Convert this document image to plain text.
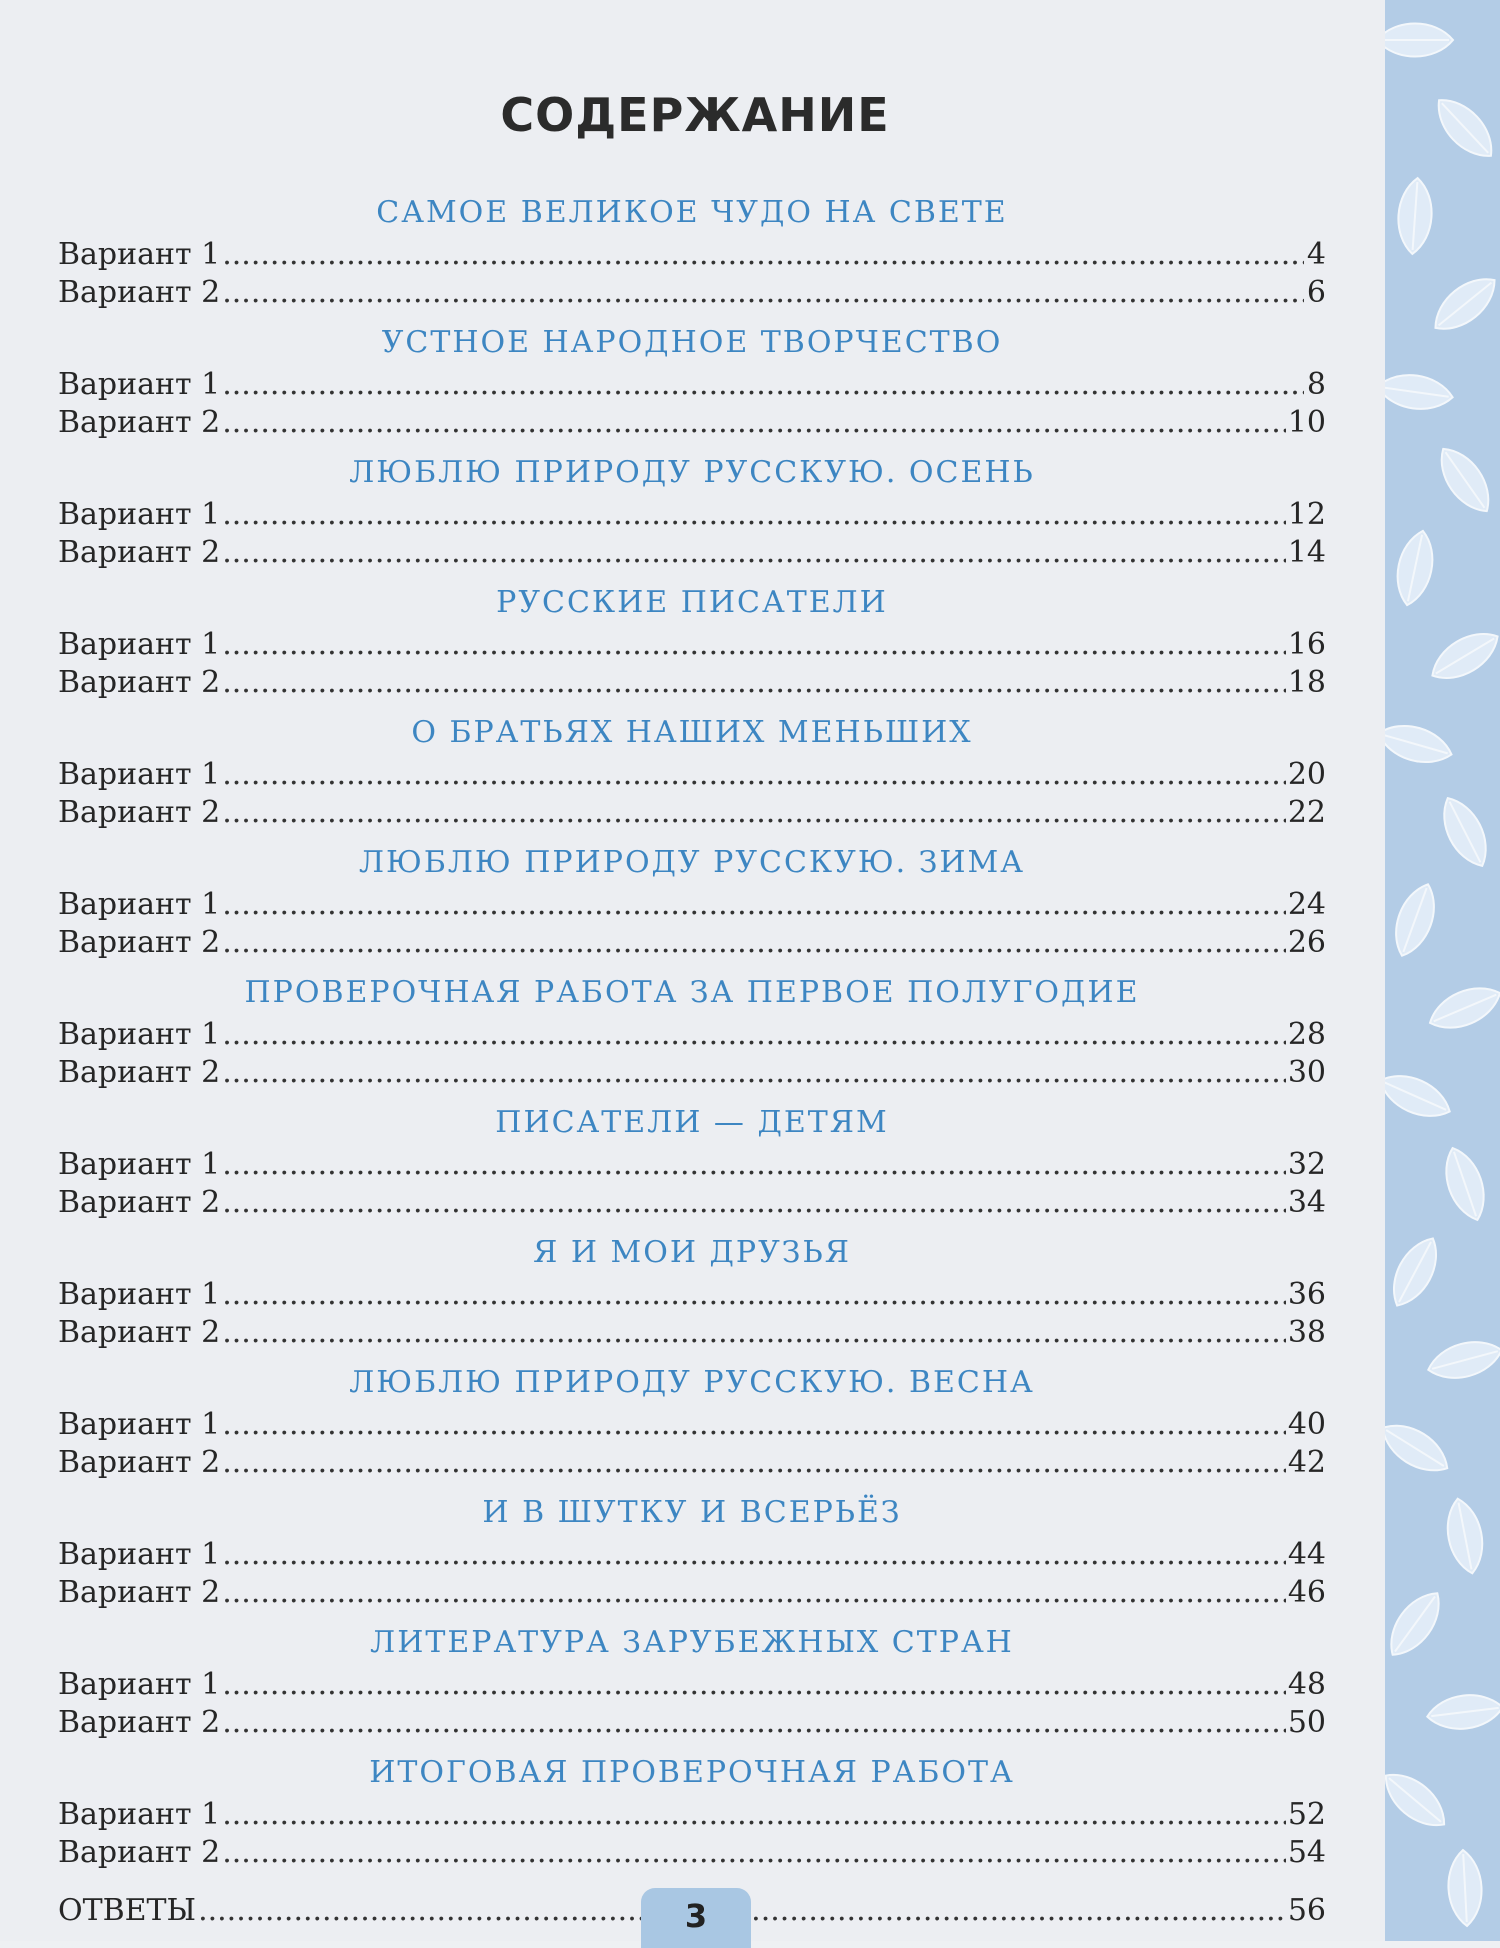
СОДЕРЖАНИЕ
САМОЕ ВЕЛИКОЕ ЧУДО НА СВЕТЕ
Вариант 1 .....	4
Вариант 2 .....	6
УСТНОЕ НАРОДНОЕ ТВОРЧЕСТВО
Вариант 1 .....	8
Вариант 2 .....	10
ЛЮБЛЮ ПРИРОДУ РУССКУЮ. ОСЕНЬ
Вариант 1 .....	12
Вариант 2 .....	14
РУССКИЕ ПИСАТЕЛИ
Вариант 1 .....	16
Вариант 2 .....	18
О БРАТЬЯХ НАШИХ МЕНЬШИХ
Вариант 1 .....	20
Вариант 2 .....	22
ЛЮБЛЮ ПРИРОДУ РУССКУЮ. ЗИМА
Вариант 1 .....	24
Вариант 2 .....	26
ПРОВЕРОЧНАЯ РАБОТА ЗА ПЕРВОЕ ПОЛУГОДИЕ
Вариант 1 .....	28
Вариант 2 .....	30
ПИСАТЕЛИ — ДЕТЯМ
Вариант 1 .....	32
Вариант 2 .....	34
Я И МОИ ДРУЗЬЯ
Вариант 1 .....	36
Вариант 2 .....	38
ЛЮБЛЮ ПРИРОДУ РУССКУЮ. ВЕСНА
Вариант 1 .....	40
Вариант 2 .....	42
И В ШУТКУ И ВСЕРЬЁЗ
Вариант 1 .....	44
Вариант 2 .....	46
ЛИТЕРАТУРА ЗАРУБЕЖНЫХ СТРАН
Вариант 1 .....	48
Вариант 2 .....	50
ИТОГОВАЯ ПРОВЕРОЧНАЯ РАБОТА
Вариант 1 .....	52
Вариант 2 .....	54
ОТВЕТЫ .....	56
3
